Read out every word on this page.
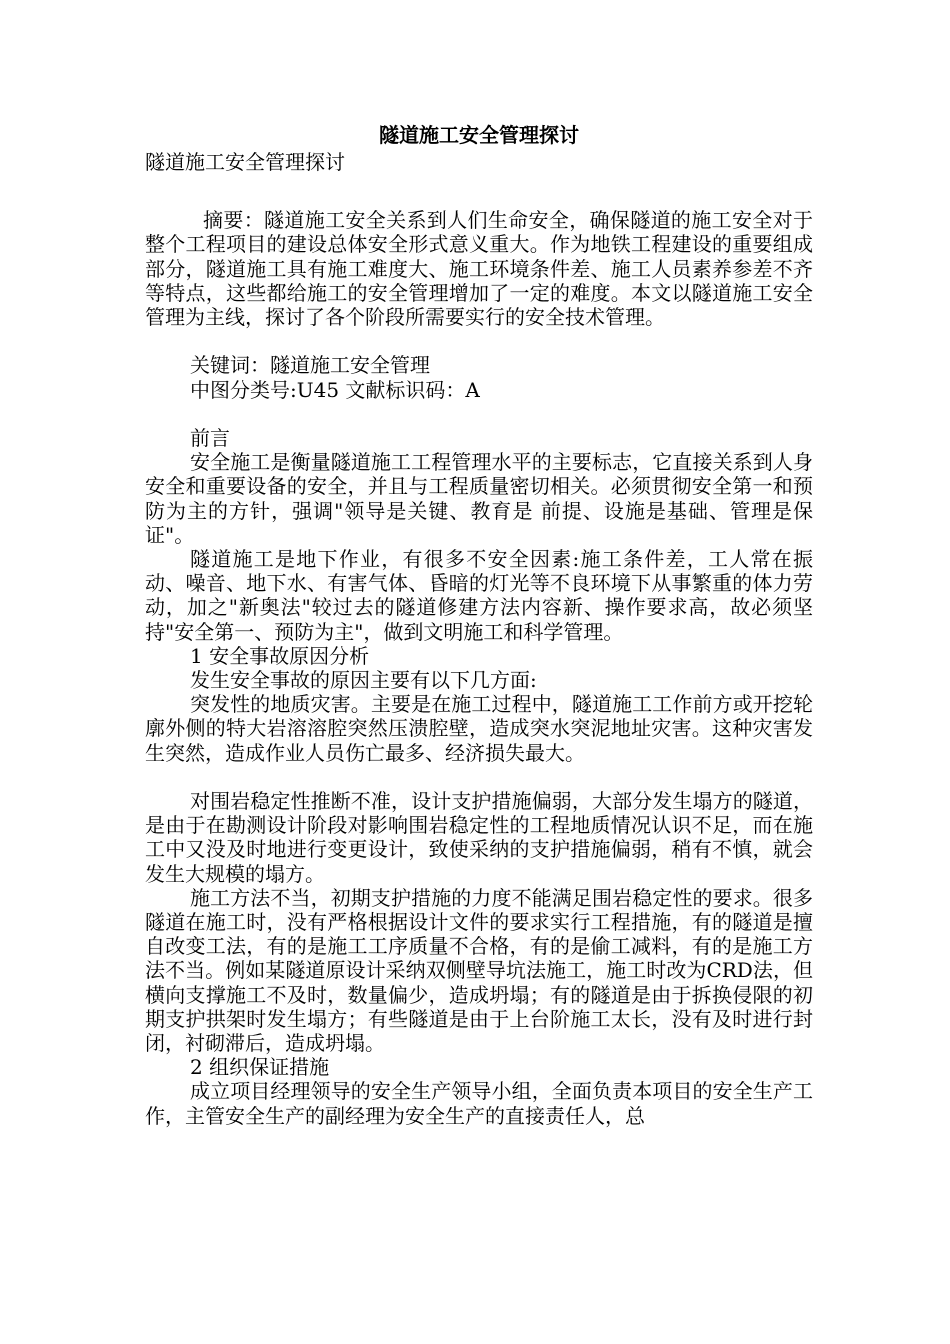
隧道施工安全管理探讨
隧道施工安全管理探讨
摘要：隧道施工安全关系到人们生命安全，确保隧道的施工安全对于整个工程项目的建设总体安全形式意义重大。作为地铁工程建设的重要组成部分，隧道施工具有施工难度大、施工环境条件差、施工人员素养参差不齐等特点，这些都给施工的安全管理增加了一定的难度。本文以隧道施工安全管理为主线，探讨了各个阶段所需要实行的安全技术管理。
关键词：隧道施工安全管理
中图分类号:U45 文献标识码：A
前言
安全施工是衡量隧道施工工程管理水平的主要标志，它直接关系到人身安全和重要设备的安全，并且与工程质量密切相关。必须贯彻安全第一和预防为主的方针，强调"领导是关键、教育是 前提、设施是基础、管理是保证"。
隧道施工是地下作业，有很多不安全因素:施工条件差，工人常在振动、噪音、地下水、有害气体、昏暗的灯光等不良环境下从事繁重的体力劳动，加之"新奥法"较过去的隧道修建方法内容新、操作要求高，故必须坚持"安全第一、预防为主"，做到文明施工和科学管理。
1 安全事故原因分析
发生安全事故的原因主要有以下几方面:
突发性的地质灾害。主要是在施工过程中，隧道施工工作前方或开挖轮廓外侧的特大岩溶溶腔突然压溃腔壁，造成突水突泥地址灾害。这种灾害发生突然，造成作业人员伤亡最多、经济损失最大。
对围岩稳定性推断不准，设计支护措施偏弱，大部分发生塌方的隧道，是由于在勘测设计阶段对影响围岩稳定性的工程地质情况认识不足，而在施工中又没及时地进行变更设计，致使采纳的支护措施偏弱，稍有不慎，就会发生大规模的塌方。
施工方法不当，初期支护措施的力度不能满足围岩稳定性的要求。很多隧道在施工时，没有严格根据设计文件的要求实行工程措施，有的隧道是擅自改变工法，有的是施工工序质量不合格，有的是偷工减料，有的是施工方法不当。例如某隧道原设计采纳双侧壁导坑法施工，施工时改为CRD法，但横向支撑施工不及时，数量偏少，造成坍塌；有的隧道是由于拆换侵限的初期支护拱架时发生塌方；有些隧道是由于上台阶施工太长，没有及时进行封闭，衬砌滞后，造成坍塌。
2 组织保证措施
成立项目经理领导的安全生产领导小组，全面负责本项目的安全生产工作，主管安全生产的副经理为安全生产的直接责任人，总
